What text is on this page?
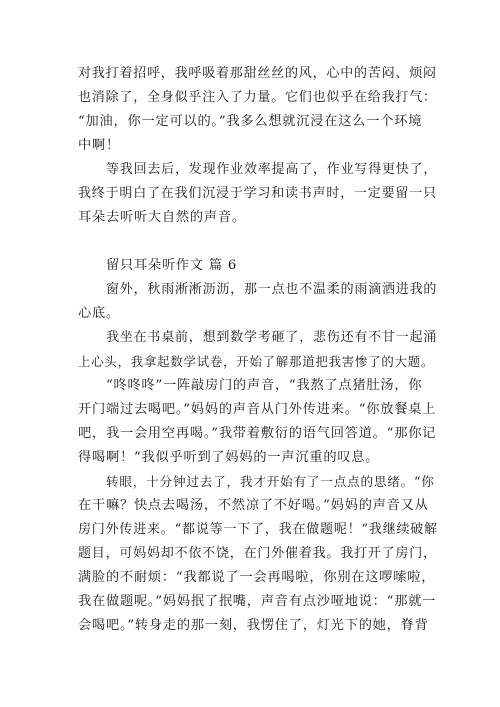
对我打着招呼，我呼吸着那甜丝丝的风，心中的苦闷、烦闷
也消除了，全身似乎注入了力量。它们也似乎在给我打气：
“加油，你一定可以的。”我多么想就沉浸在这么一个环境
中啊！
等我回去后，发现作业效率提高了，作业写得更快了，
我终于明白了在我们沉浸于学习和读书声时，一定要留一只
耳朵去听听大自然的声音。
留只耳朵听作文 篇 6
窗外，秋雨淅淅沥沥，那一点也不温柔的雨滴洒进我的
心底。
我坐在书桌前，想到数学考砸了，悲伤还有不甘一起涌
上心头，我拿起数学试卷，开始了解那道把我害惨了的大题。
“咚咚咚”一阵敲房门的声音，“我熬了点猪肚汤，你
开门端过去喝吧。”妈妈的声音从门外传进来。“你放餐桌上
吧，我一会用空再喝。”我带着敷衍的语气回答道。“那你记
得喝啊！”我似乎听到了妈妈的一声沉重的叹息。
转眼，十分钟过去了，我才开始有了一点点的思绪。“你
在干嘛？快点去喝汤，不然凉了不好喝。”妈妈的声音又从
房门外传进来。“都说等一下了，我在做题呢！”我继续破解
题目，可妈妈却不依不饶，在门外催着我。我打开了房门，
满脸的不耐烦：“我都说了一会再喝啦，你别在这啰嗦啦，
我在做题呢。”妈妈抿了抿嘴，声音有点沙哑地说：“那就一
会喝吧。”转身走的那一刻，我愣住了，灯光下的她，脊背
